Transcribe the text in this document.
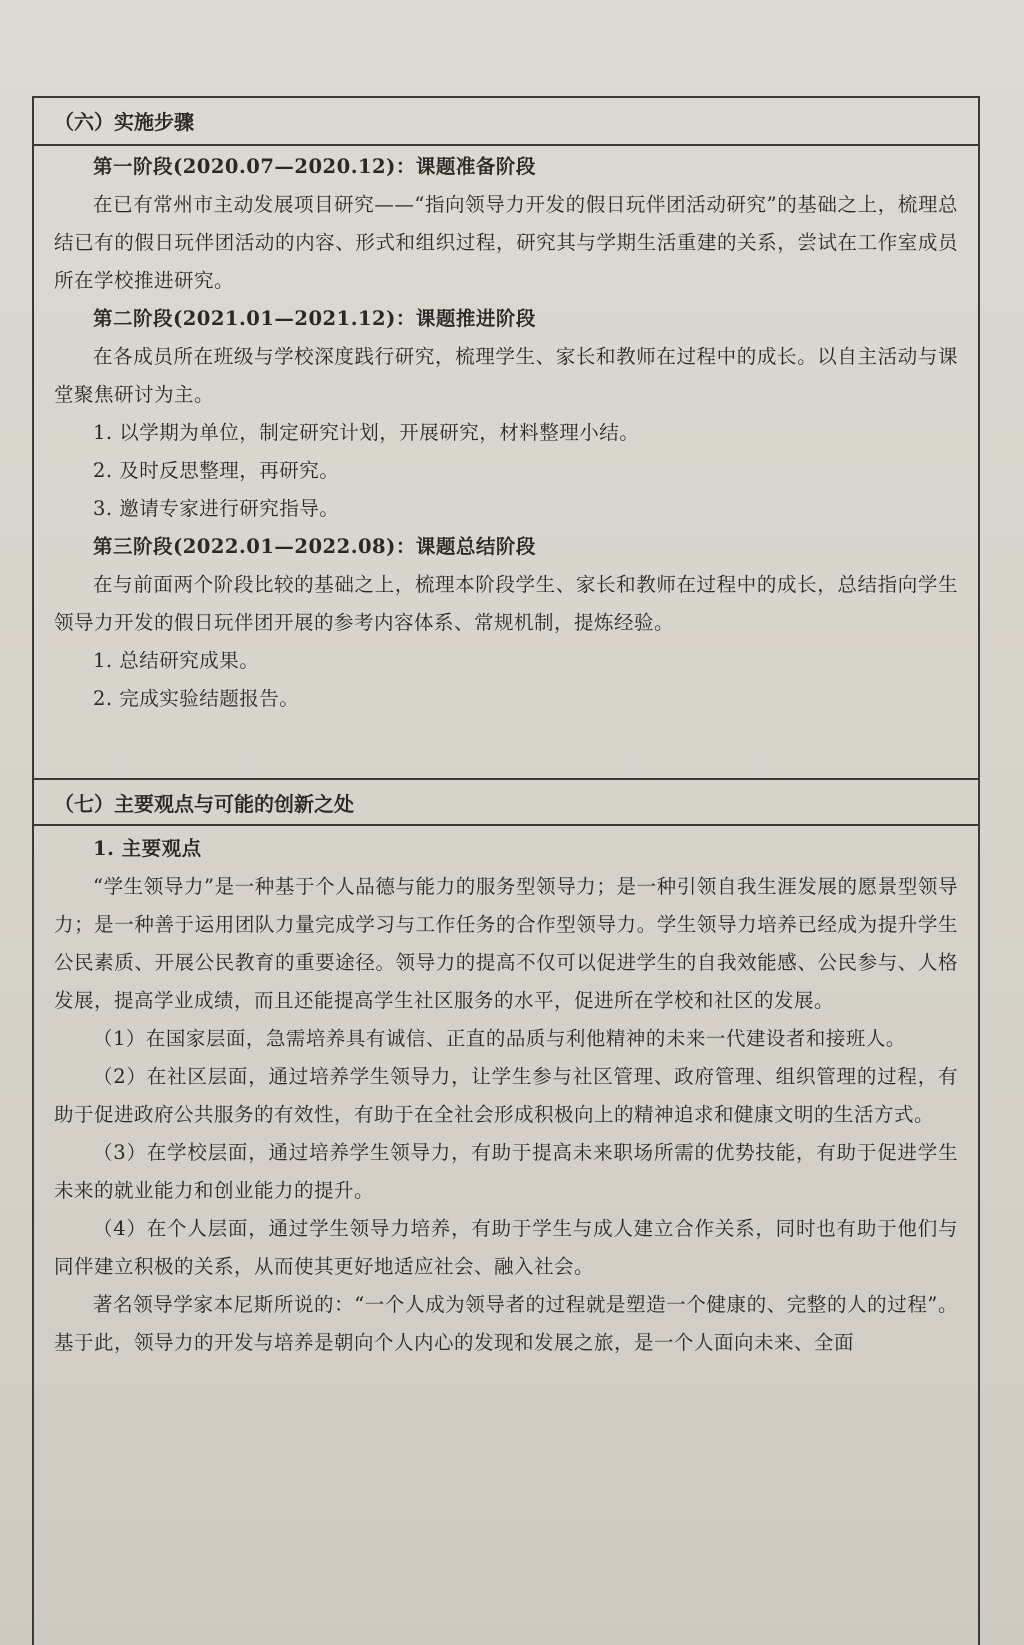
（六）实施步骤

第一阶段(2020.07—2020.12)：课题准备阶段

在已有常州市主动发展项目研究——“指向领导力开发的假日玩伴团活动研究”的基础之上，梳理总结已有的假日玩伴团活动的内容、形式和组织过程，研究其与学期生活重建的关系，尝试在工作室成员所在学校推进研究。

第二阶段(2021.01—2021.12)：课题推进阶段

在各成员所在班级与学校深度践行研究，梳理学生、家长和教师在过程中的成长。以自主活动与课堂聚焦研讨为主。

1. 以学期为单位，制定研究计划，开展研究，材料整理小结。

2. 及时反思整理，再研究。

3. 邀请专家进行研究指导。

第三阶段(2022.01—2022.08)：课题总结阶段

在与前面两个阶段比较的基础之上，梳理本阶段学生、家长和教师在过程中的成长，总结指向学生领导力开发的假日玩伴团开展的参考内容体系、常规机制，提炼经验。

1. 总结研究成果。

2. 完成实验结题报告。

（七）主要观点与可能的创新之处

1. 主要观点

“学生领导力”是一种基于个人品德与能力的服务型领导力；是一种引领自我生涯发展的愿景型领导力；是一种善于运用团队力量完成学习与工作任务的合作型领导力。学生领导力培养已经成为提升学生公民素质、开展公民教育的重要途径。领导力的提高不仅可以促进学生的自我效能感、公民参与、人格发展，提高学业成绩，而且还能提高学生社区服务的水平，促进所在学校和社区的发展。

（1）在国家层面，急需培养具有诚信、正直的品质与利他精神的未来一代建设者和接班人。

（2）在社区层面，通过培养学生领导力，让学生参与社区管理、政府管理、组织管理的过程，有助于促进政府公共服务的有效性，有助于在全社会形成积极向上的精神追求和健康文明的生活方式。

（3）在学校层面，通过培养学生领导力，有助于提高未来职场所需的优势技能，有助于促进学生未来的就业能力和创业能力的提升。

（4）在个人层面，通过学生领导力培养，有助于学生与成人建立合作关系，同时也有助于他们与同伴建立积极的关系，从而使其更好地适应社会、融入社会。

著名领导学家本尼斯所说的：“一个人成为领导者的过程就是塑造一个健康的、完整的人的过程”。基于此，领导力的开发与培养是朝向个人内心的发现和发展之旅，是一个人面向未来、全面
